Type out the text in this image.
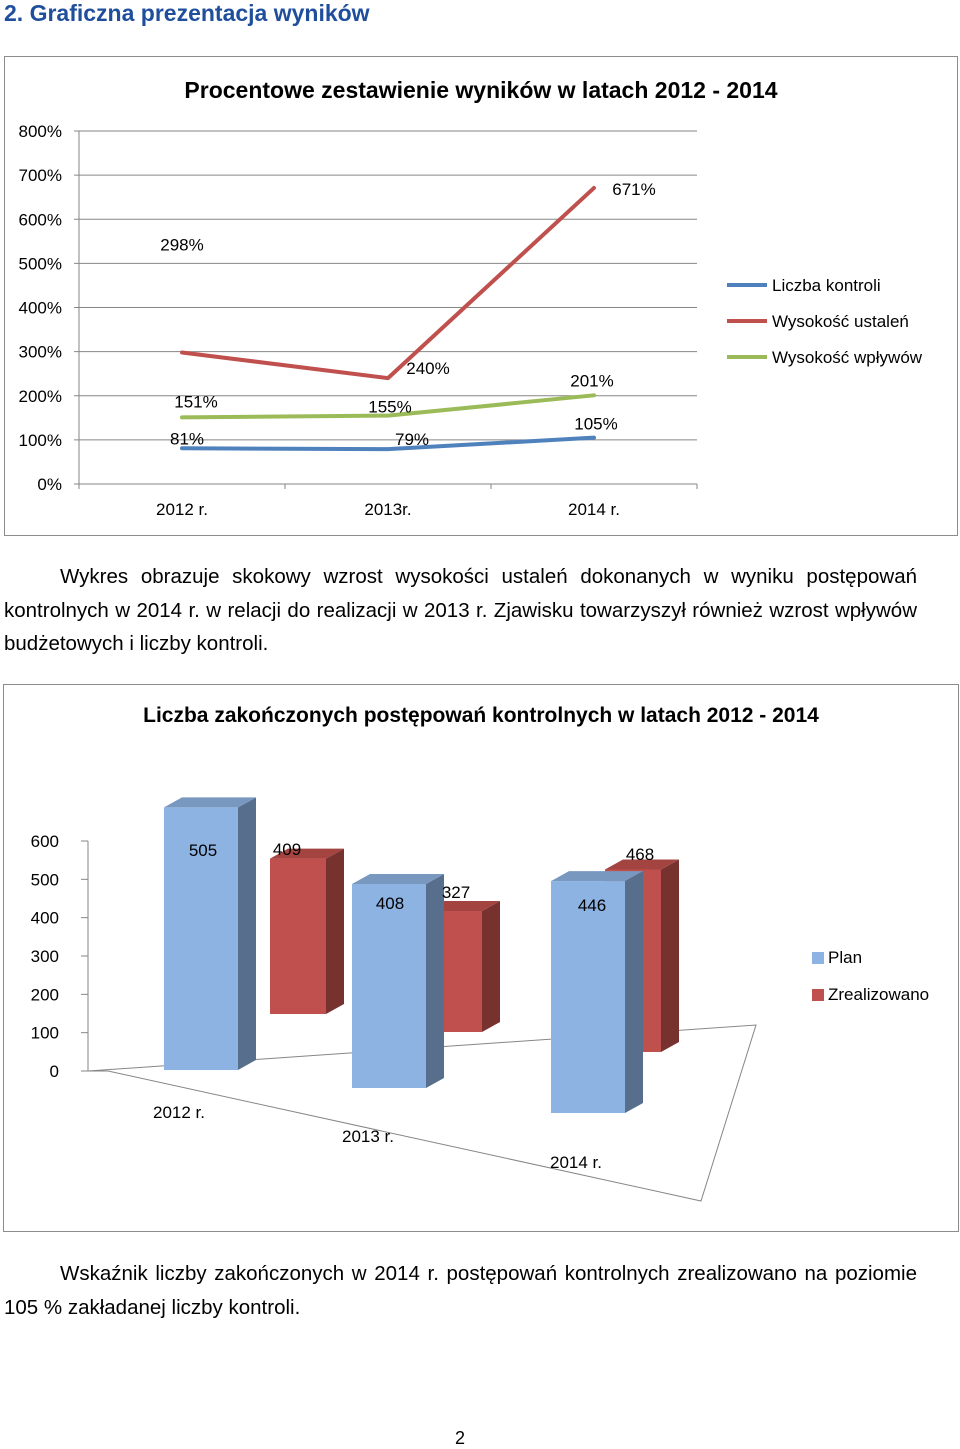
2. Graficzna prezentacja wyników
Procentowe zestawienie wyników w latach 2012 - 2014
0%
100%
200%
300%
400%
500%
600%
700%
800%
2012 r.	2013r.	2014 r.
81%	79%
105%
298%
240%
671%
151%	155%
201%
Liczba kontroli
Wysokość ustaleń
Wysokość wpływów

Wykres obrazuje skokowy wzrost wysokości ustaleń dokonanych w wyniku postępowań kontrolnych w 2014 r. w relacji do realizacji w 2013 r. Zjawisku towarzyszył również wzrost wpływów budżetowych i liczby kontroli.

Liczba zakończonych postępowań kontrolnych w latach 2012 - 2014
0
100
200
300
400
500
600
2012 r.
2013 r.
2014 r.
505
408	446
409
327
468
Plan
Zrealizowano

Wskaźnik liczby zakończonych w 2014 r. postępowań kontrolnych zrealizowano na poziomie 105 % zakładanej liczby kontroli.

2
